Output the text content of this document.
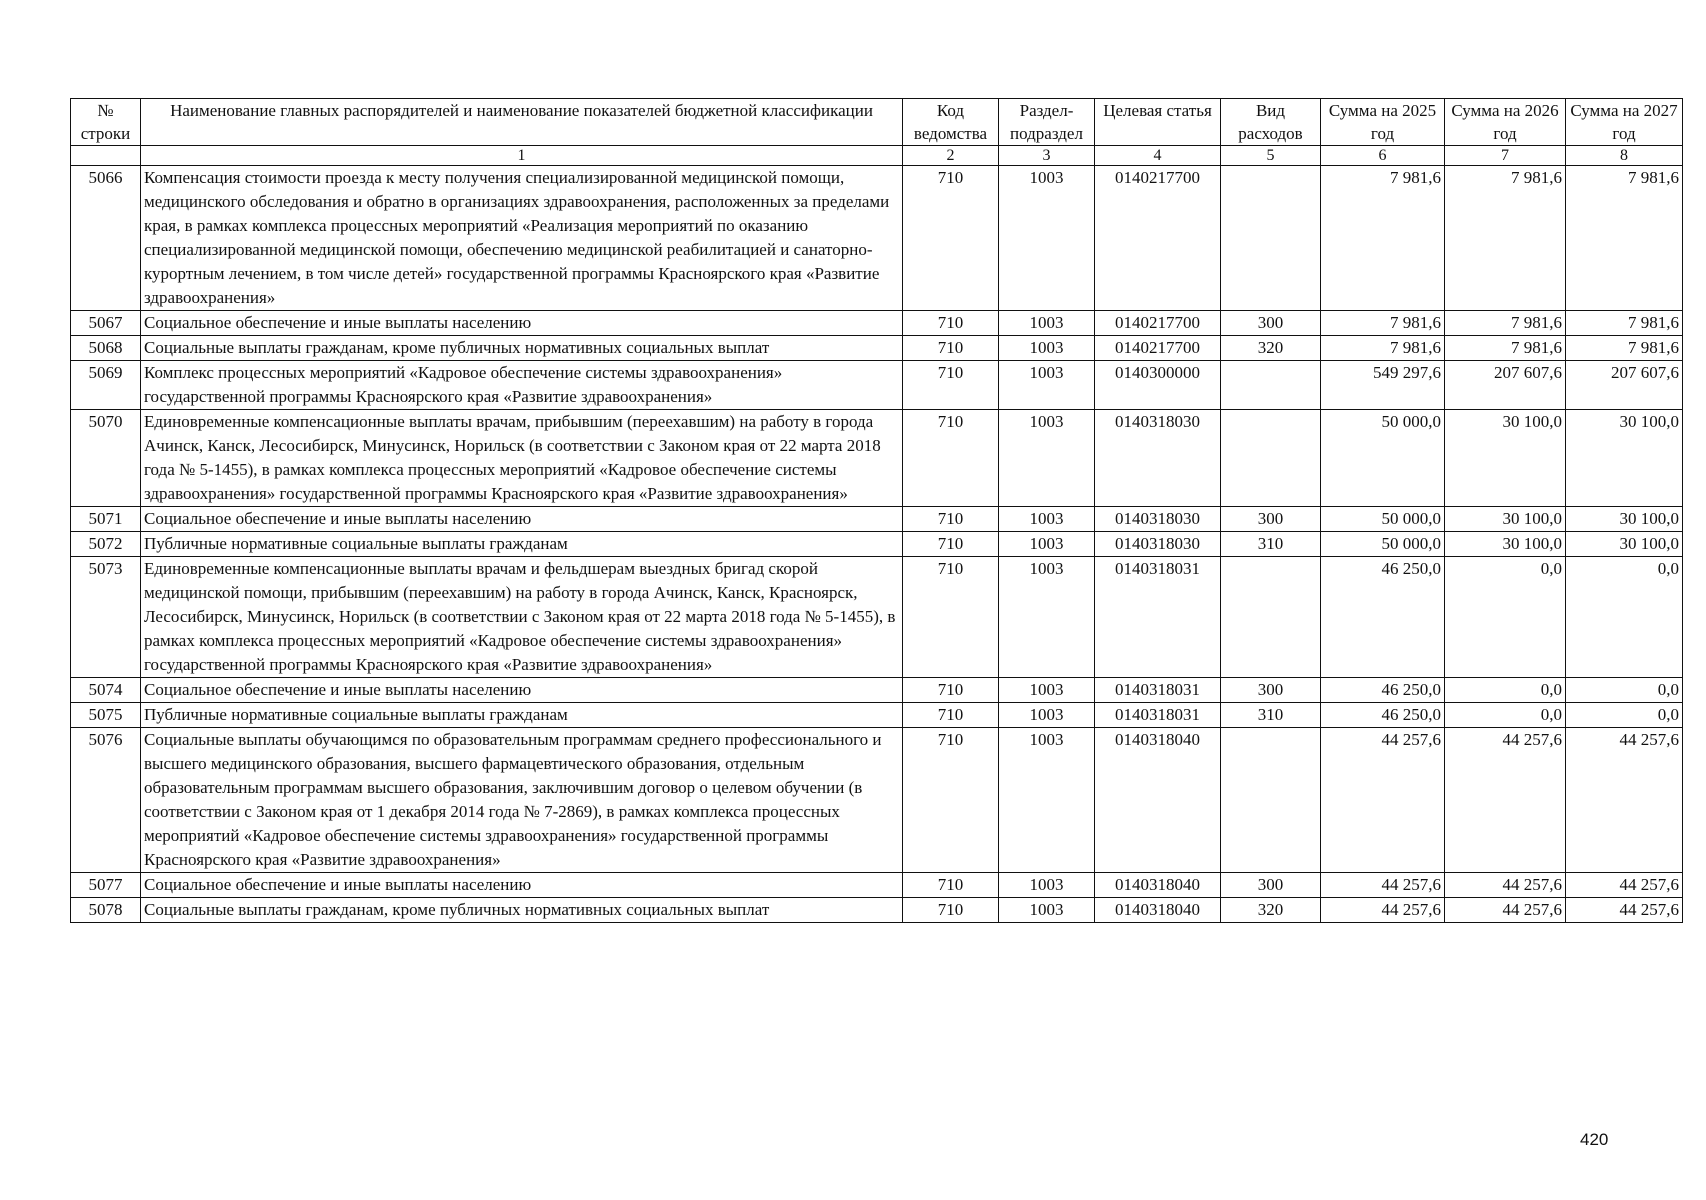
№ строки	Наименование главных распорядителей и наименование показателей бюджетной классификации	Код ведомства	Раздел-подраздел	Целевая статья	Вид расходов	Сумма на 2025 год	Сумма на 2026 год	Сумма на 2027 год
	1	2	3	4	5	6	7	8
5066	Компенсация стоимости проезда к месту получения специализированной медицинской помощи, медицинского обследования и обратно в организациях здравоохранения, расположенных за пределами края, в рамках комплекса процессных мероприятий «Реализация мероприятий по оказанию специализированной медицинской помощи, обеспечению медицинской реабилитацией и санаторно-курортным лечением, в том числе детей» государственной программы Красноярского края «Развитие здравоохранения»	710	1003	0140217700		7 981,6	7 981,6	7 981,6
5067	Социальное обеспечение и иные выплаты населению	710	1003	0140217700	300	7 981,6	7 981,6	7 981,6
5068	Социальные выплаты гражданам, кроме публичных нормативных социальных выплат	710	1003	0140217700	320	7 981,6	7 981,6	7 981,6
5069	Комплекс процессных мероприятий «Кадровое обеспечение системы здравоохранения» государственной программы Красноярского края «Развитие здравоохранения»	710	1003	0140300000		549 297,6	207 607,6	207 607,6
5070	Единовременные компенсационные выплаты врачам, прибывшим (переехавшим) на работу в города Ачинск, Канск, Лесосибирск, Минусинск, Норильск (в соответствии с Законом края от 22 марта 2018 года № 5-1455), в рамках комплекса процессных мероприятий «Кадровое обеспечение системы здравоохранения» государственной программы Красноярского края «Развитие здравоохранения»	710	1003	0140318030		50 000,0	30 100,0	30 100,0
5071	Социальное обеспечение и иные выплаты населению	710	1003	0140318030	300	50 000,0	30 100,0	30 100,0
5072	Публичные нормативные социальные выплаты гражданам	710	1003	0140318030	310	50 000,0	30 100,0	30 100,0
5073	Единовременные компенсационные выплаты врачам и фельдшерам выездных бригад скорой медицинской помощи, прибывшим (переехавшим) на работу в города Ачинск, Канск, Красноярск, Лесосибирск, Минусинск, Норильск (в соответствии с Законом края от 22 марта 2018 года № 5-1455), в рамках комплекса процессных мероприятий «Кадровое обеспечение системы здравоохранения» государственной программы Красноярского края «Развитие здравоохранения»	710	1003	0140318031		46 250,0	0,0	0,0
5074	Социальное обеспечение и иные выплаты населению	710	1003	0140318031	300	46 250,0	0,0	0,0
5075	Публичные нормативные социальные выплаты гражданам	710	1003	0140318031	310	46 250,0	0,0	0,0
5076	Социальные выплаты обучающимся по образовательным программам среднего профессионального и высшего медицинского образования, высшего фармацевтического образования, отдельным образовательным программам высшего образования, заключившим договор о целевом обучении (в соответствии с Законом края от 1 декабря 2014 года № 7-2869), в рамках комплекса процессных мероприятий «Кадровое обеспечение системы здравоохранения» государственной программы Красноярского края «Развитие здравоохранения»	710	1003	0140318040		44 257,6	44 257,6	44 257,6
5077	Социальное обеспечение и иные выплаты населению	710	1003	0140318040	300	44 257,6	44 257,6	44 257,6
5078	Социальные выплаты гражданам, кроме публичных нормативных социальных выплат	710	1003	0140318040	320	44 257,6	44 257,6	44 257,6
420
